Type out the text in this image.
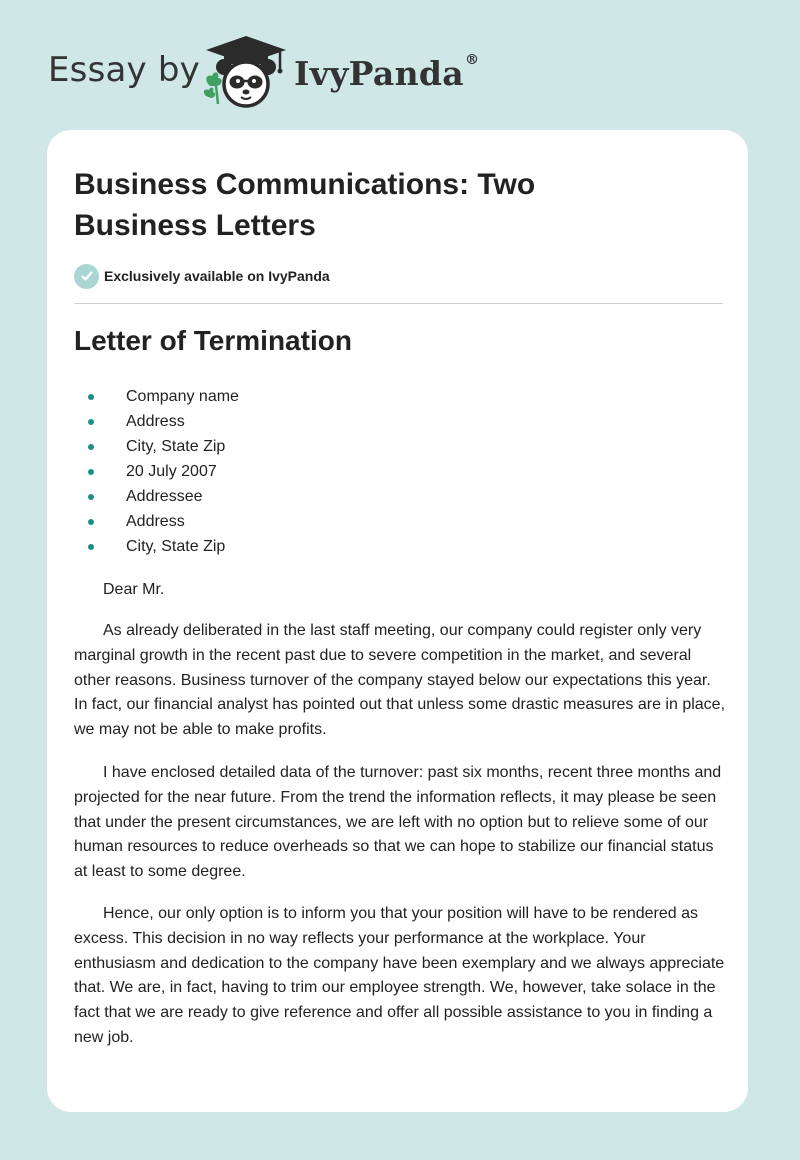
Essay by	IvyPanda®
Business Communications: Two Business Letters
Exclusively available on IvyPanda
Letter of Termination
Company name
Address
City, State Zip
20 July 2007
Addressee
Address
City, State Zip

Dear Mr.

As already deliberated in the last staff meeting, our company could register only very marginal growth in the recent past due to severe competition in the market, and several other reasons. Business turnover of the company stayed below our expectations this year. In fact, our financial analyst has pointed out that unless some drastic measures are in place, we may not be able to make profits.

I have enclosed detailed data of the turnover: past six months, recent three months and projected for the near future. From the trend the information reflects, it may please be seen that under the present circumstances, we are left with no option but to relieve some of our human resources to reduce overheads so that we can hope to stabilize our financial status at least to some degree.

Hence, our only option is to inform you that your position will have to be rendered as excess. This decision in no way reflects your performance at the workplace. Your enthusiasm and dedication to the company have been exemplary and we always appreciate that. We are, in fact, having to trim our employee strength. We, however, take solace in the fact that we are ready to give reference and offer all possible assistance to you in finding a new job.
